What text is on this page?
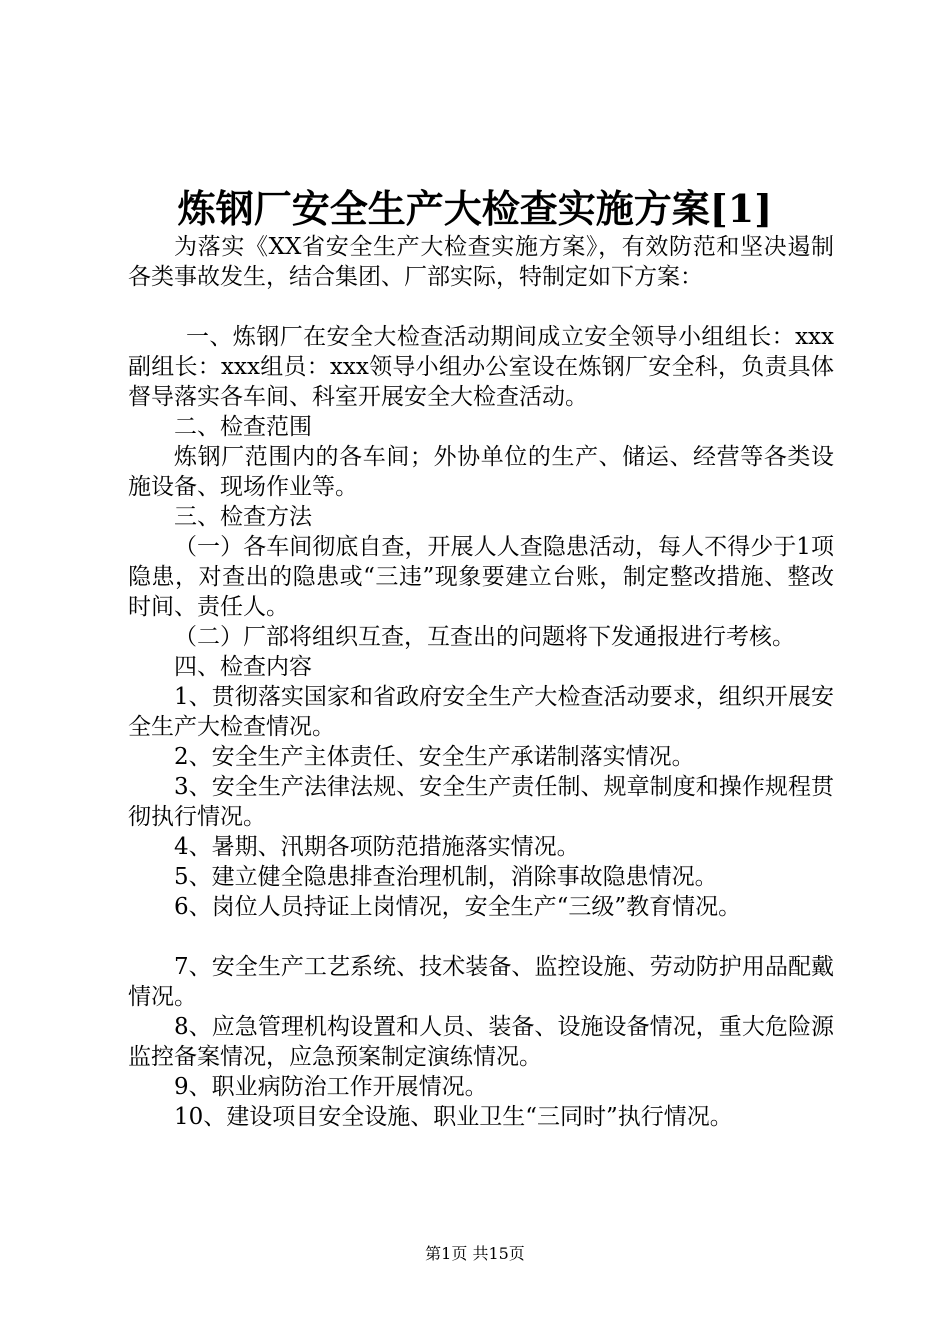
炼钢厂安全生产大检查实施方案[1]

为落实《XX省安全生产大检查实施方案》，有效防范和坚决遏制各类事故发生，结合集团、厂部实际，特制定如下方案：

一、炼钢厂在安全大检查活动期间成立安全领导小组组长：xxx副组长：xxx组员：xxx领导小组办公室设在炼钢厂安全科，负责具体督导落实各车间、科室开展安全大检查活动。

二、检查范围

炼钢厂范围内的各车间；外协单位的生产、储运、经营等各类设施设备、现场作业等。

三、检查方法

（一）各车间彻底自查，开展人人查隐患活动，每人不得少于1项隐患，对查出的隐患或“三违”现象要建立台账，制定整改措施、整改时间、责任人。

（二）厂部将组织互查，互查出的问题将下发通报进行考核。

四、检查内容

1、贯彻落实国家和省政府安全生产大检查活动要求，组织开展安全生产大检查情况。

2、安全生产主体责任、安全生产承诺制落实情况。

3、安全生产法律法规、安全生产责任制、规章制度和操作规程贯彻执行情况。

4、暑期、汛期各项防范措施落实情况。

5、建立健全隐患排查治理机制，消除事故隐患情况。

6、岗位人员持证上岗情况，安全生产“三级”教育情况。

7、安全生产工艺系统、技术装备、监控设施、劳动防护用品配戴情况。

8、应急管理机构设置和人员、装备、设施设备情况，重大危险源监控备案情况，应急预案制定演练情况。

9、职业病防治工作开展情况。

10、建设项目安全设施、职业卫生“三同时”执行情况。

第1页 共15页
